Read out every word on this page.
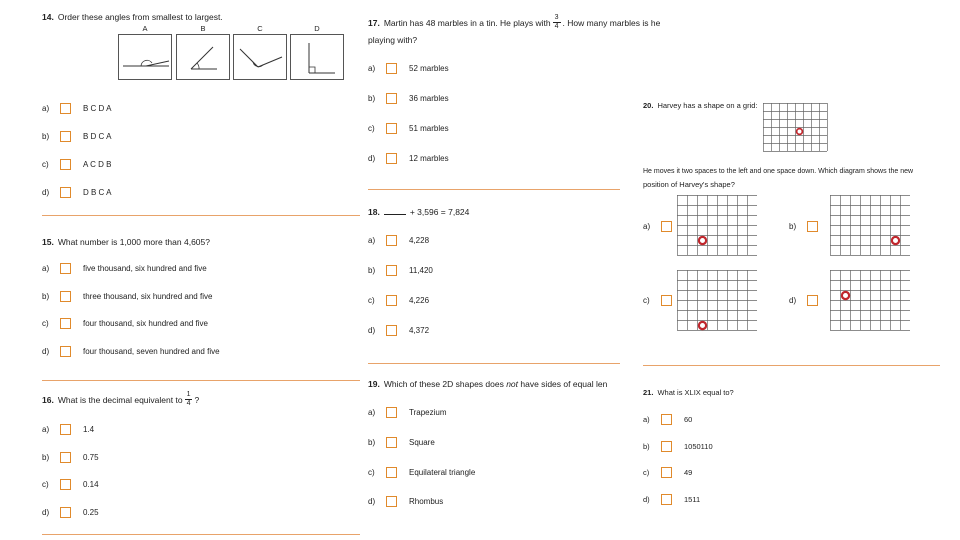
14. Order these angles from smallest to largest.
A	B	C	D
a)	B C D A
b)	B D C A
c)	A C D B
d)	D B C A
15. What number is 1,000 more than 4,605?
a)	five thousand, six hundred and five
b)	three thousand, six hundred and five
c)	four thousand, six hundred and five
d)	four thousand, seven hundred and five
16. What is the decimal equivalent to $\frac{1}{4}$ ?
a)	1.4
b)	0.75
c)	0.14
d)	0.25
17. Martin has 48 marbles in a tin. He plays with $\frac{3}{4}$ . How many marbles is he
playing with?
a)	52 marbles
b)	36 marbles
c)	51 marbles
d)	12 marbles
18.	+ 3,596 = 7,824
a)	4,228
b)	11,420
c)	4,226
d)	4,372
19. Which of these 2D shapes does not have sides of equal len
a)	Trapezium
b)	Square
c)	Equilateral triangle
d)	Rhombus
20. Harvey has a shape on a grid:
He moves it two spaces to the left and one space down. Which diagram shows the new
position of Harvey's shape?
a)	b)
c)	d)
21. What is XLIX equal to?
a)	60
b)	1050110
c)	49
d)	1511
